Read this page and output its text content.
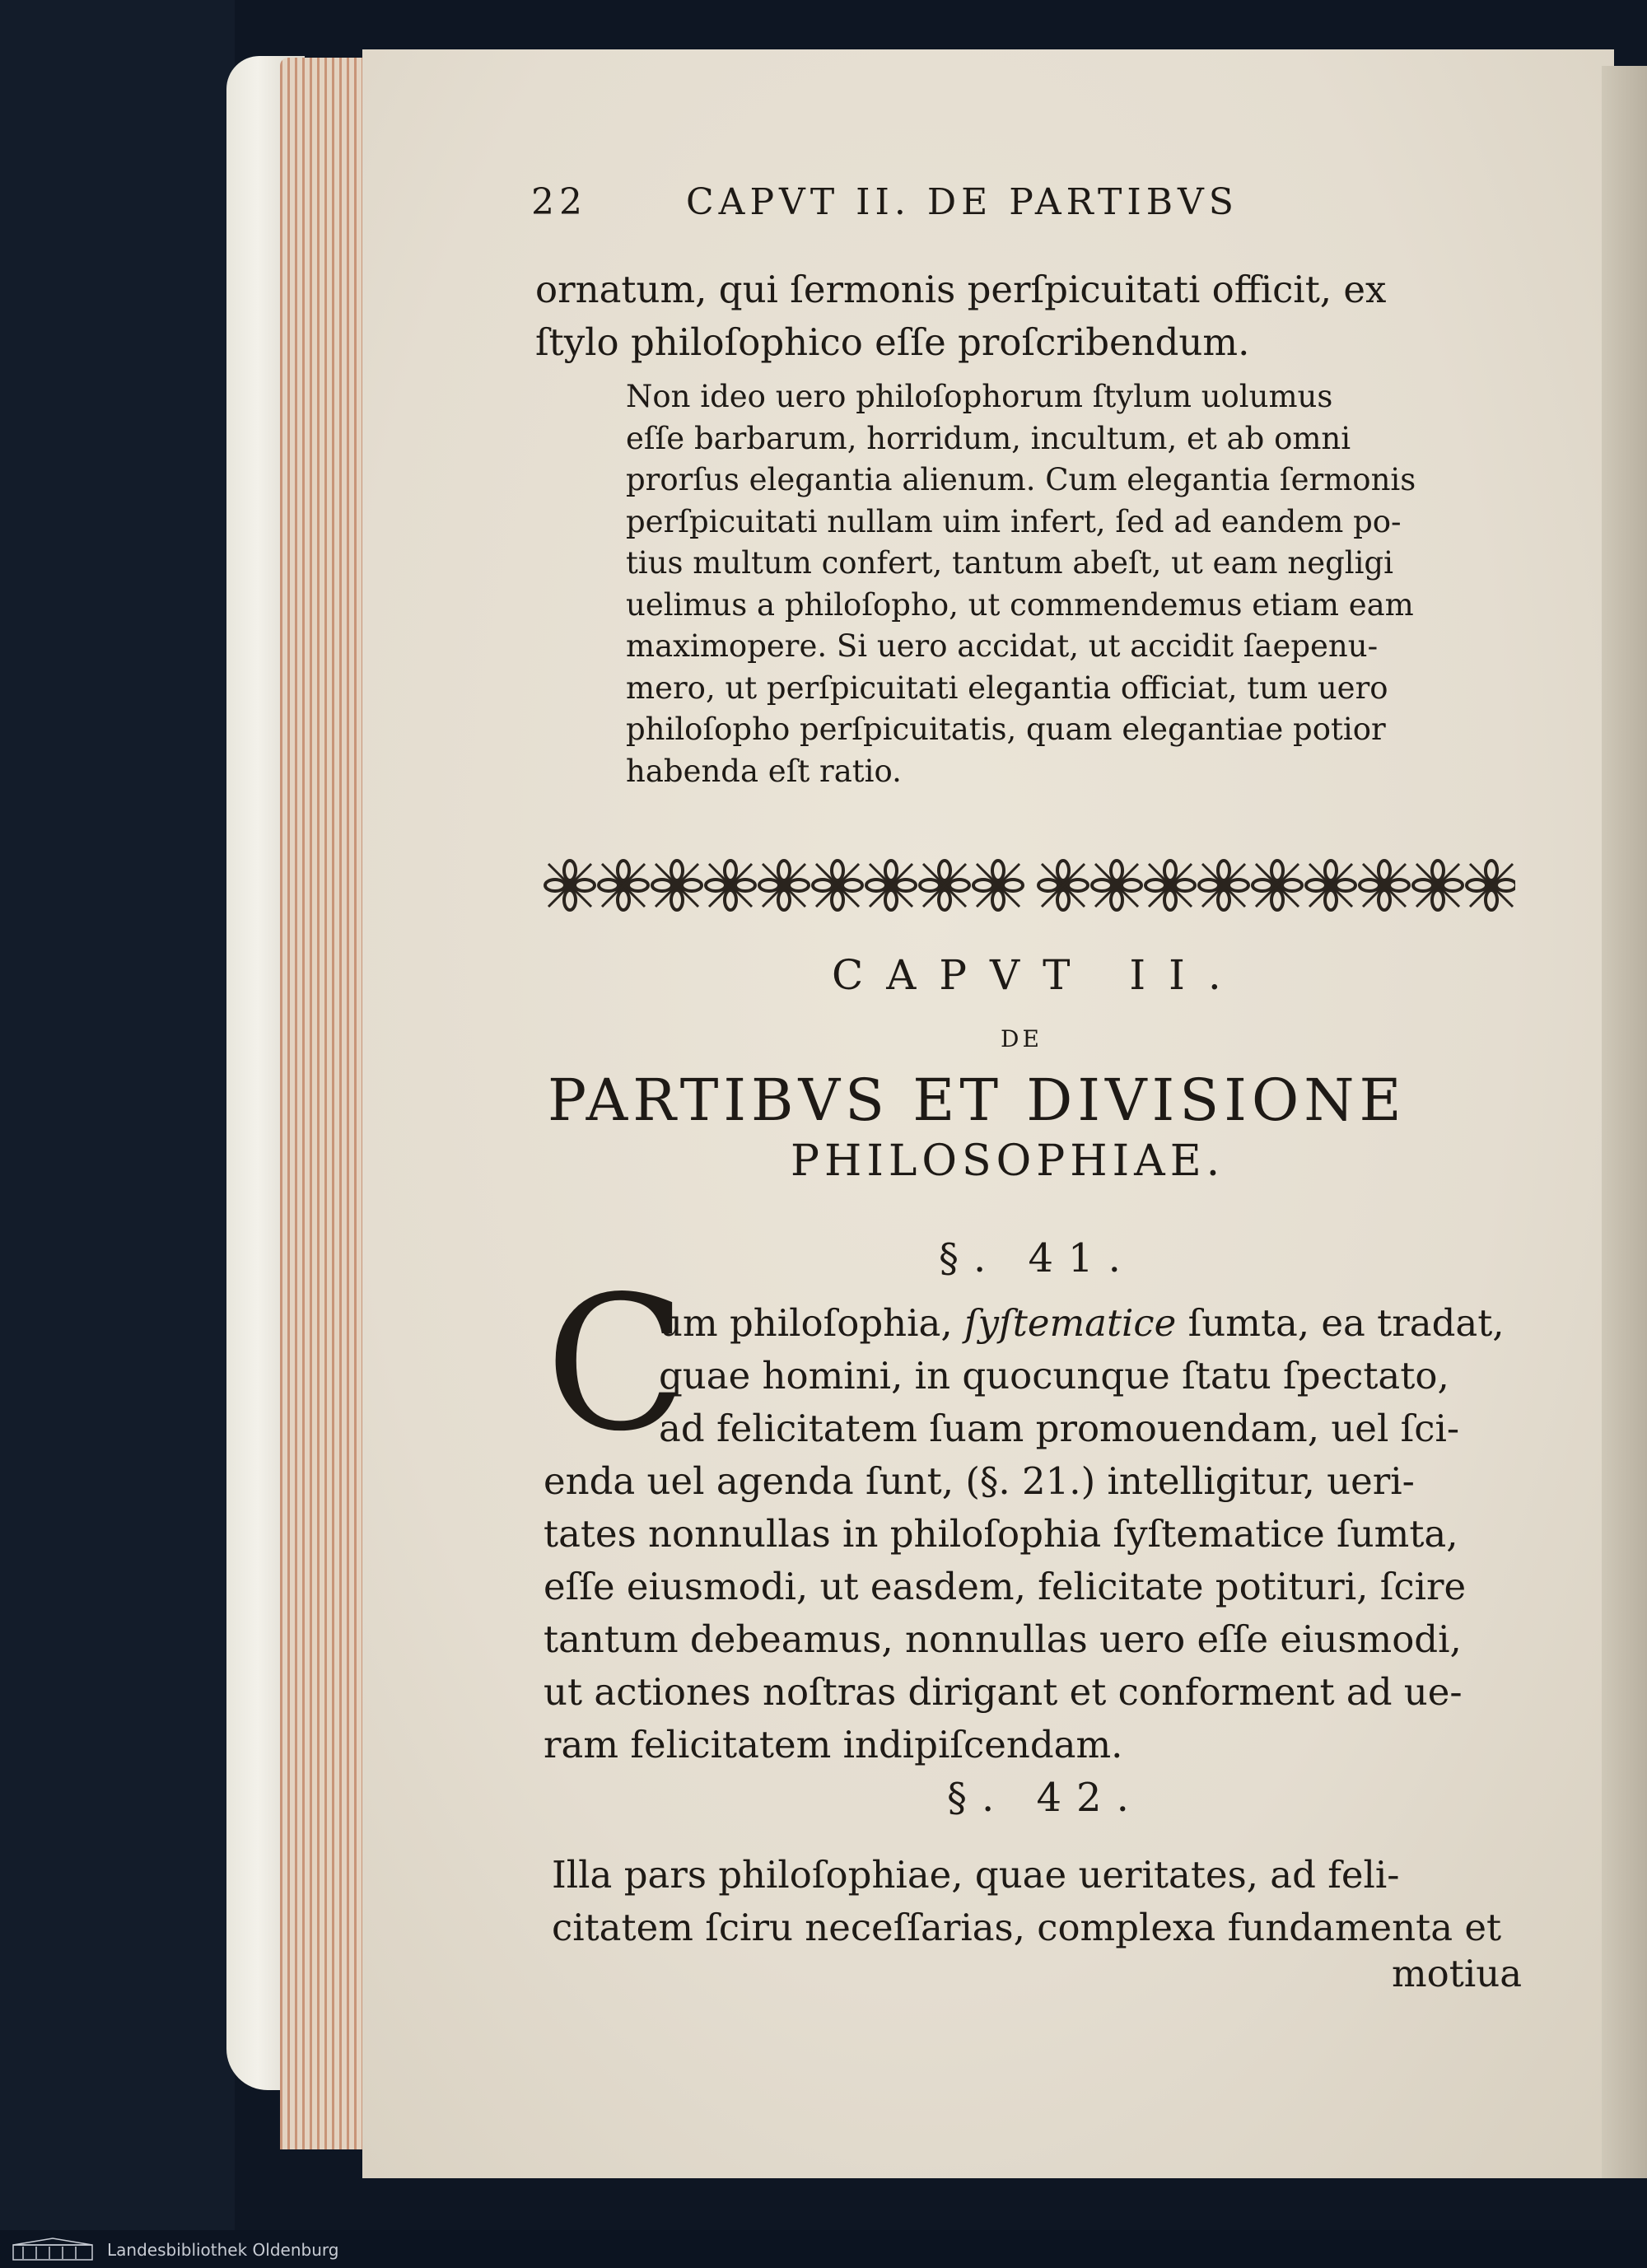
22	CAPVT II. DE PARTIBVS
ornatum, qui ſermonis perſpicuitati officit, ex
ſtylo philoſophico eſſe proſcribendum.
Non ideo uero philoſophorum ſtylum uolumus
eſſe barbarum, horridum, incultum, et ab omni
prorſus elegantia alienum. Cum elegantia ſermonis
perſpicuitati nullam uim infert, ſed ad eandem po-
tius multum confert, tantum abeſt, ut eam negligi
uelimus a philoſopho, ut commendemus etiam eam
maximopere. Si uero accidat, ut accidit ſaepenu-
mero, ut perſpicuitati elegantia officiat, tum uero
philoſopho perſpicuitatis, quam elegantiae potior
habenda eſt ratio.
CAPVT II.
DE
PARTIBVS ET DIVISIONE
PHILOSOPHIAE.
§. 41.
C
um philoſophia, ſyſtematice ſumta, ea tradat,
quae homini, in quocunque ſtatu ſpectato,
ad felicitatem ſuam promouendam, uel ſci-
enda uel agenda ſunt, (§. 21.) intelligitur, ueri-
tates nonnullas in philoſophia ſyſtematice ſumta,
eſſe eiusmodi, ut easdem, felicitate potituri, ſcire
tantum debeamus, nonnullas uero eſſe eiusmodi,
ut actiones noſtras dirigant et conforment ad ue-
ram felicitatem indipiſcendam.
§. 42.
Illa pars philoſophiae, quae ueritates, ad feli-
citatem ſciru neceſſarias, complexa fundamenta et
motiua
Landesbibliothek Oldenburg
